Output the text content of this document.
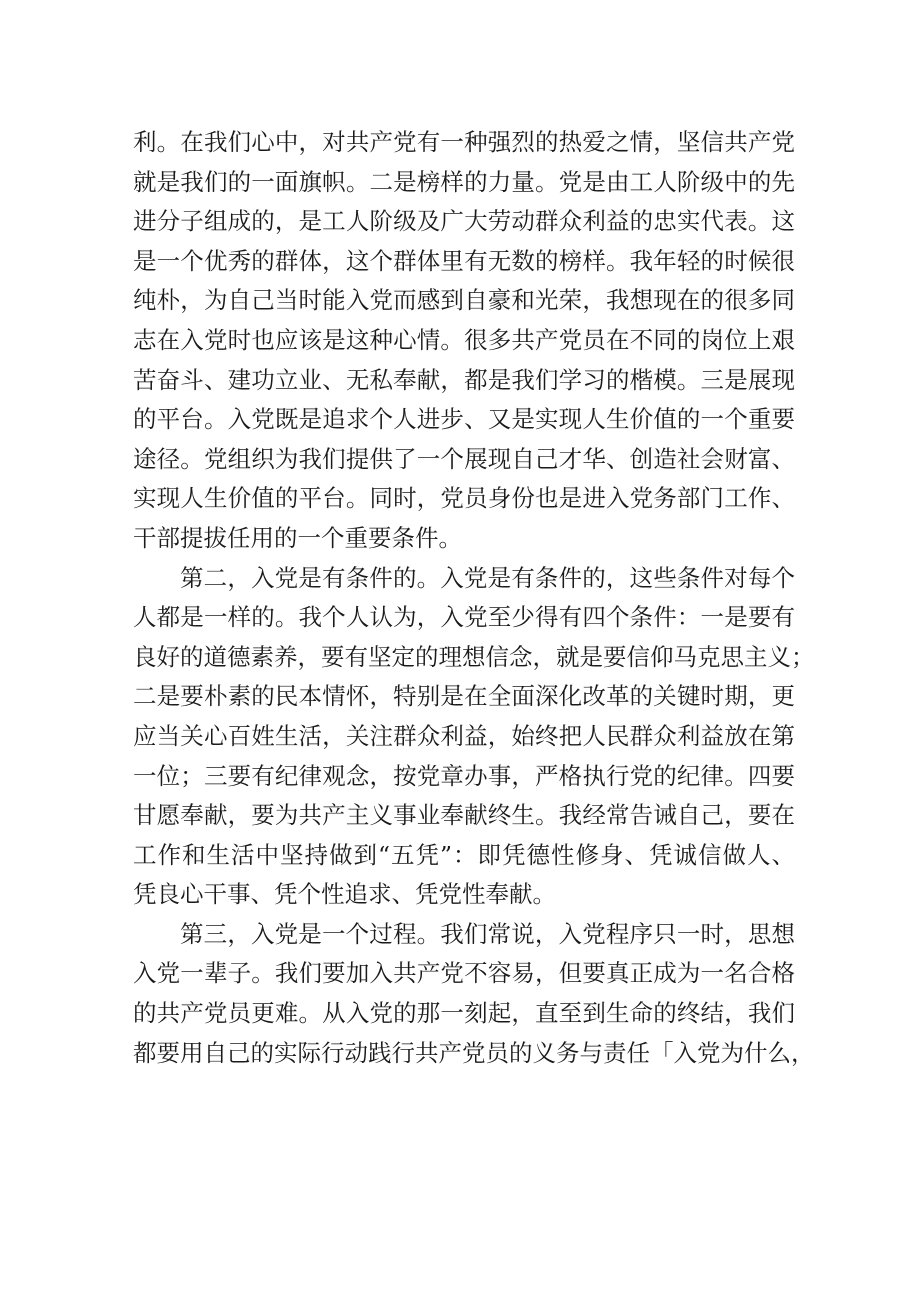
利。在我们心中，对共产党有一种强烈的热爱之情，坚信共产党
就是我们的一面旗帜。二是榜样的力量。党是由工人阶级中的先
进分子组成的，是工人阶级及广大劳动群众利益的忠实代表。这
是一个优秀的群体，这个群体里有无数的榜样。我年轻的时候很
纯朴，为自己当时能入党而感到自豪和光荣，我想现在的很多同
志在入党时也应该是这种心情。很多共产党员在不同的岗位上艰
苦奋斗、建功立业、无私奉献，都是我们学习的楷模。三是展现
的平台。入党既是追求个人进步、又是实现人生价值的一个重要
途径。党组织为我们提供了一个展现自己才华、创造社会财富、
实现人生价值的平台。同时，党员身份也是进入党务部门工作、
干部提拔任用的一个重要条件。
第二，入党是有条件的。入党是有条件的，这些条件对每个
人都是一样的。我个人认为，入党至少得有四个条件：一是要有
良好的道德素养，要有坚定的理想信念，就是要信仰马克思主义；
二是要朴素的民本情怀，特别是在全面深化改革的关键时期，更
应当关心百姓生活，关注群众利益，始终把人民群众利益放在第
一位；三要有纪律观念，按党章办事，严格执行党的纪律。四要
甘愿奉献，要为共产主义事业奉献终生。我经常告诫自己，要在
工作和生活中坚持做到“五凭”：即凭德性修身、凭诚信做人、
凭良心干事、凭个性追求、凭党性奉献。
第三，入党是一个过程。我们常说，入党程序只一时，思想
入党一辈子。我们要加入共产党不容易，但要真正成为一名合格
的共产党员更难。从入党的那一刻起，直至到生命的终结，我们
都要用自己的实际行动践行共产党员的义务与责任「入党为什么，
